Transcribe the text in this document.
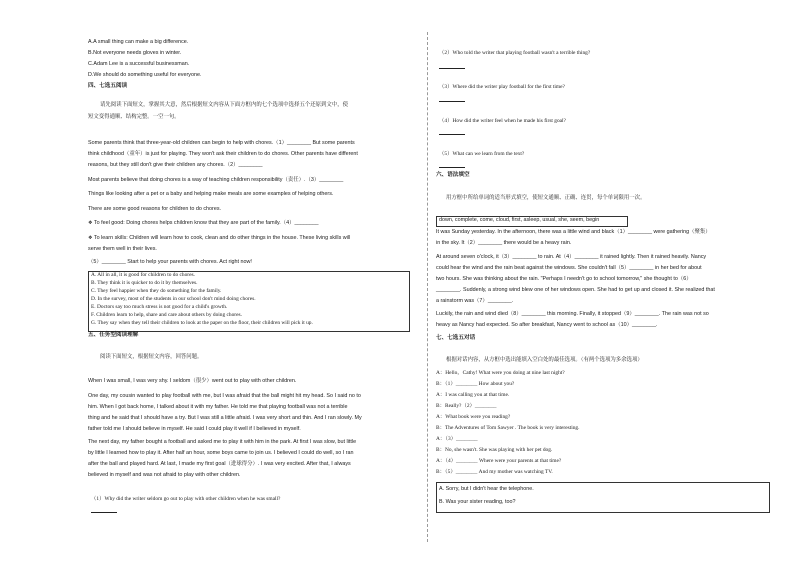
A.A small thing can make a big difference.
B.Not everyone needs gloves in winter.
C.Adam Lee is a successful businessman.
D.We should do something useful for everyone.
四、七选五阅读
请先阅读下面短文，掌握其大意，然后根据短文内容从下面方框内的七个选项中选择五个还原到文中，使
短文变得通顺、结构完整。一空一句。
Some parents think that three-year-old children can begin to help with chores.（1）________ But some parents
think childhood（童年）is just for playing. They won't ask their children to do chores. Other parents have different
reasons, but they still don't give their children any chores.（2）________
Most parents believe that doing chores is a way of teaching children responsibility（责任）.（3）________
Things like looking after a pet or a baby and helping make meals are some examples of helping others.
There are some good reasons for children to do chores.
❖ To feel good: Doing chores helps children know that they are part of the family.（4）________
❖ To learn skills: Children will learn how to cook, clean and do other things in the house. These living skills will
serve them well in their lives.
（5）________ Start to help your parents with chores. Act right now!
A. All in all, it is good for children to do chores.
B. They think it is quicker to do it by themselves.
C. They feel happier when they do something for the family.
D. In the survey, most of the students in our school don't mind doing chores.
E. Doctors say too much stress is not good for a child's growth.
F. Children learn to help, share and care about others by doing chores.
G. They say when they tell their children to look at the paper on the floor, their children will pick it up.
五、任务型阅读理解
阅读下面短文，根据短文内容，回答问题。
When I was small, I was very shy. I seldom（很少）went out to play with other children.
One day, my cousin wanted to play football with me, but I was afraid that the ball might hit my head. So I said no to
him. When I got back home, I talked about it with my father. He told me that playing football was not a terrible
thing and he said that I should have a try. But I was still a little afraid. I was very short and thin. And I ran slowly. My
father told me I should believe in myself. He said I could play it well if I believed in myself.
The next day, my father bought a football and asked me to play it with him in the park. At first I was slow, but little
by little I learned how to play it. After half an hour, some boys came to join us. I believed I could do well, so I ran
after the ball and played hard. At last, I made my first goal（进球得分）. I was very excited. After that, I always
believed in myself and was not afraid to play with other children.
（1）Why did the writer seldom go out to play with other children when he was small?
（2）Who told the writer that playing football wasn't a terrible thing?
（3）Where did the writer play football for the first time?
（4）How did the writer feel when he made his first goal?
（5）What can we learn from the text?
六、语法填空
用方框中所给单词的适当形式填空，使短文通顺、正确、连贯，每个单词限用一次。
down, complete, come, cloud, first, asleep, usual, she, seem, begin
It was Sunday yesterday. In the afternoon, there was a little wind and black（1）________ were gathering（聚集）
in the sky. It（2）________ there would be a heavy rain.
At around seven o'clock, it（3）________ to rain. At（4）________ it rained lightly. Then it rained heavily. Nancy
could hear the wind and the rain beat against the windows. She couldn't fall（5）________ in her bed for about
two hours. She was thinking about the rain. "Perhaps I needn't go to school tomorrow," she thought to（6）
________. Suddenly, a strong wind blew one of her windows open. She had to get up and closed it. She realized that
a rainstorm was（7）________.
Luckily, the rain and wind died（8）________ this morning. Finally, it stopped（9）________. The rain was not so
heavy as Nancy had expected. So after breakfast, Nancy went to school as（10）________.
七、七选五对话
根据对话内容，从方框中选出能填入空白处的最佳选项。（有两个选项为多余选项）
A：Hello，Cathy! What were you doing at nine last night?
B：（1）________ How about you?
A：I was calling you at that time.
B：Really?（2）________
A：What book were you reading?
B：The Adventures of Tom Sawyer . The book is very interesting.
A：（3）________
B：No, she wasn't. She was playing with her pet dog.
A：（4）________ Where were your parents at that time?
B：（5）________ And my mother was watching TV.
A. Sorry, but I didn't hear the telephone.
B. Was your sister reading, too?
